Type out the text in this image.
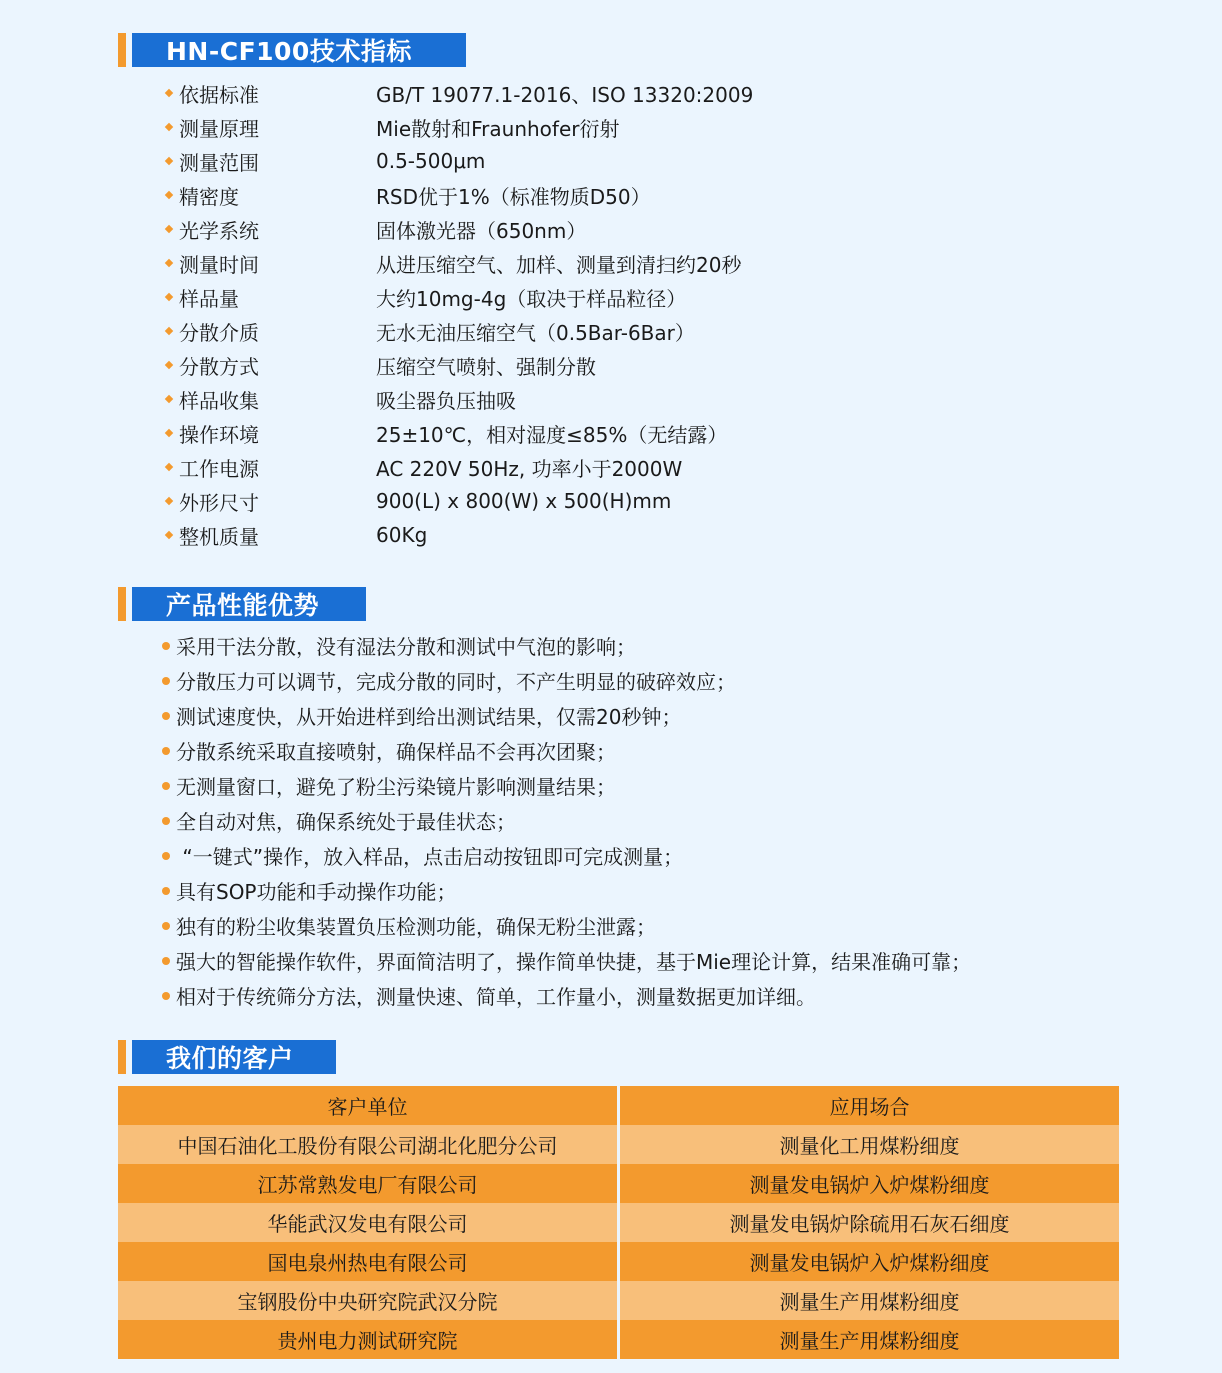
HN-CF100技术指标
依据标准	GB/T 19077.1-2016、ISO 13320:2009
测量原理	Mie散射和Fraunhofer衍射
测量范围	0.5-500μm
精密度	RSD优于1%（标准物质D50）
光学系统	固体激光器（650nm）
测量时间	从进压缩空气、加样、测量到清扫约20秒
样品量	大约10mg-4g（取决于样品粒径）
分散介质	无水无油压缩空气（0.5Bar-6Bar）
分散方式	压缩空气喷射、强制分散
样品收集	吸尘器负压抽吸
操作环境	25±10℃，相对湿度≤85%（无结露）
工作电源	AC 220V 50Hz, 功率小于2000W
外形尺寸	900(L) x 800(W) x 500(H)mm
整机质量	60Kg
产品性能优势
采用干法分散，没有湿法分散和测试中气泡的影响；
分散压力可以调节，完成分散的同时，不产生明显的破碎效应；
测试速度快，从开始进样到给出测试结果，仅需20秒钟；
分散系统采取直接喷射，确保样品不会再次团聚；
无测量窗口，避免了粉尘污染镜片影响测量结果；
全自动对焦，确保系统处于最佳状态；
“一键式”操作，放入样品，点击启动按钮即可完成测量；
具有SOP功能和手动操作功能；
独有的粉尘收集装置负压检测功能，确保无粉尘泄露；
强大的智能操作软件，界面简洁明了，操作简单快捷，基于Mie理论计算，结果准确可靠；
相对于传统筛分方法，测量快速、简单，工作量小，测量数据更加详细。
我们的客户
客户单位	应用场合
中国石油化工股份有限公司湖北化肥分公司	测量化工用煤粉细度
江苏常熟发电厂有限公司	测量发电锅炉入炉煤粉细度
华能武汉发电有限公司	测量发电锅炉除硫用石灰石细度
国电泉州热电有限公司	测量发电锅炉入炉煤粉细度
宝钢股份中央研究院武汉分院	测量生产用煤粉细度
贵州电力测试研究院	测量生产用煤粉细度
